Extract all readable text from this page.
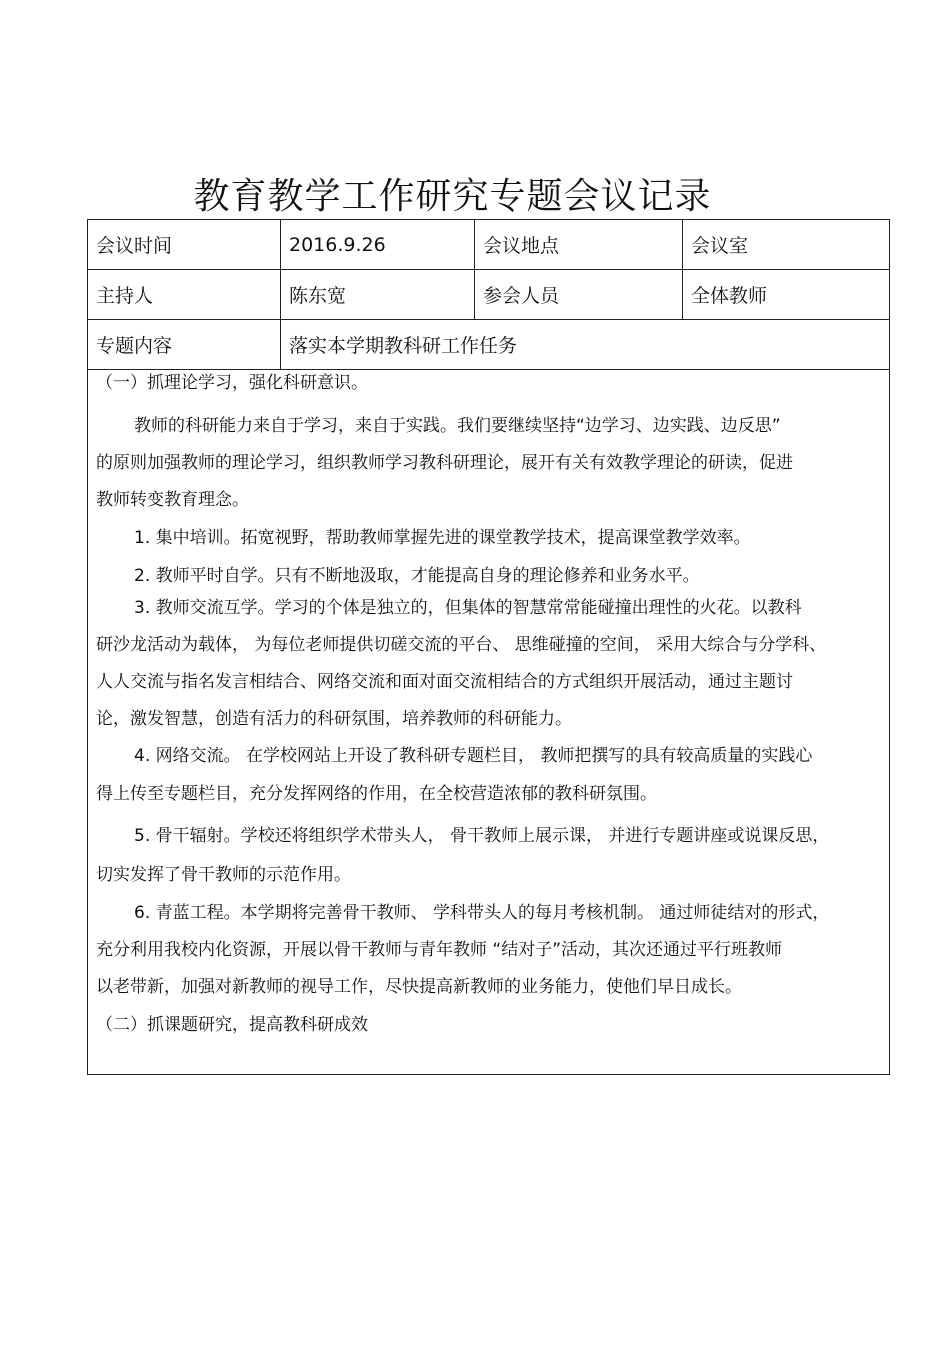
教育教学工作研究专题会议记录
会议时间	2016.9.26	会议地点	会议室
主持人	陈东宽	参会人员	全体教师
专题内容	落实本学期教科研工作任务		
（一）抓理论学习，强化科研意识。
教师的科研能力来自于学习，来自于实践。我们要继续坚持“边学习、边实践、边反思”
的原则加强教师的理论学习，组织教师学习教科研理论，展开有关有效教学理论的研读，促进
教师转变教育理念。
1. 集中培训。拓宽视野，帮助教师掌握先进的课堂教学技术，提高课堂教学效率。
2. 教师平时自学。只有不断地汲取，才能提高自身的理论修养和业务水平。
3. 教师交流互学。学习的个体是独立的，但集体的智慧常常能碰撞出理性的火花。以教科
研沙龙活动为载体， 为每位老师提供切磋交流的平台、 思维碰撞的空间， 采用大综合与分学科、
人人交流与指名发言相结合、网络交流和面对面交流相结合的方式组织开展活动，通过主题讨
论，激发智慧，创造有活力的科研氛围，培养教师的科研能力。
4. 网络交流。 在学校网站上开设了教科研专题栏目， 教师把撰写的具有较高质量的实践心
得上传至专题栏目，充分发挥网络的作用，在全校营造浓郁的教科研氛围。
5. 骨干辐射。学校还将组织学术带头人， 骨干教师上展示课， 并进行专题讲座或说课反思，
切实发挥了骨干教师的示范作用。
6. 青蓝工程。本学期将完善骨干教师、 学科带头人的每月考核机制。 通过师徒结对的形式，
充分利用我校内化资源，开展以骨干教师与青年教师 “结对子”活动，其次还通过平行班教师
以老带新，加强对新教师的视导工作，尽快提高新教师的业务能力，使他们早日成长。
（二）抓课题研究，提高教科研成效
